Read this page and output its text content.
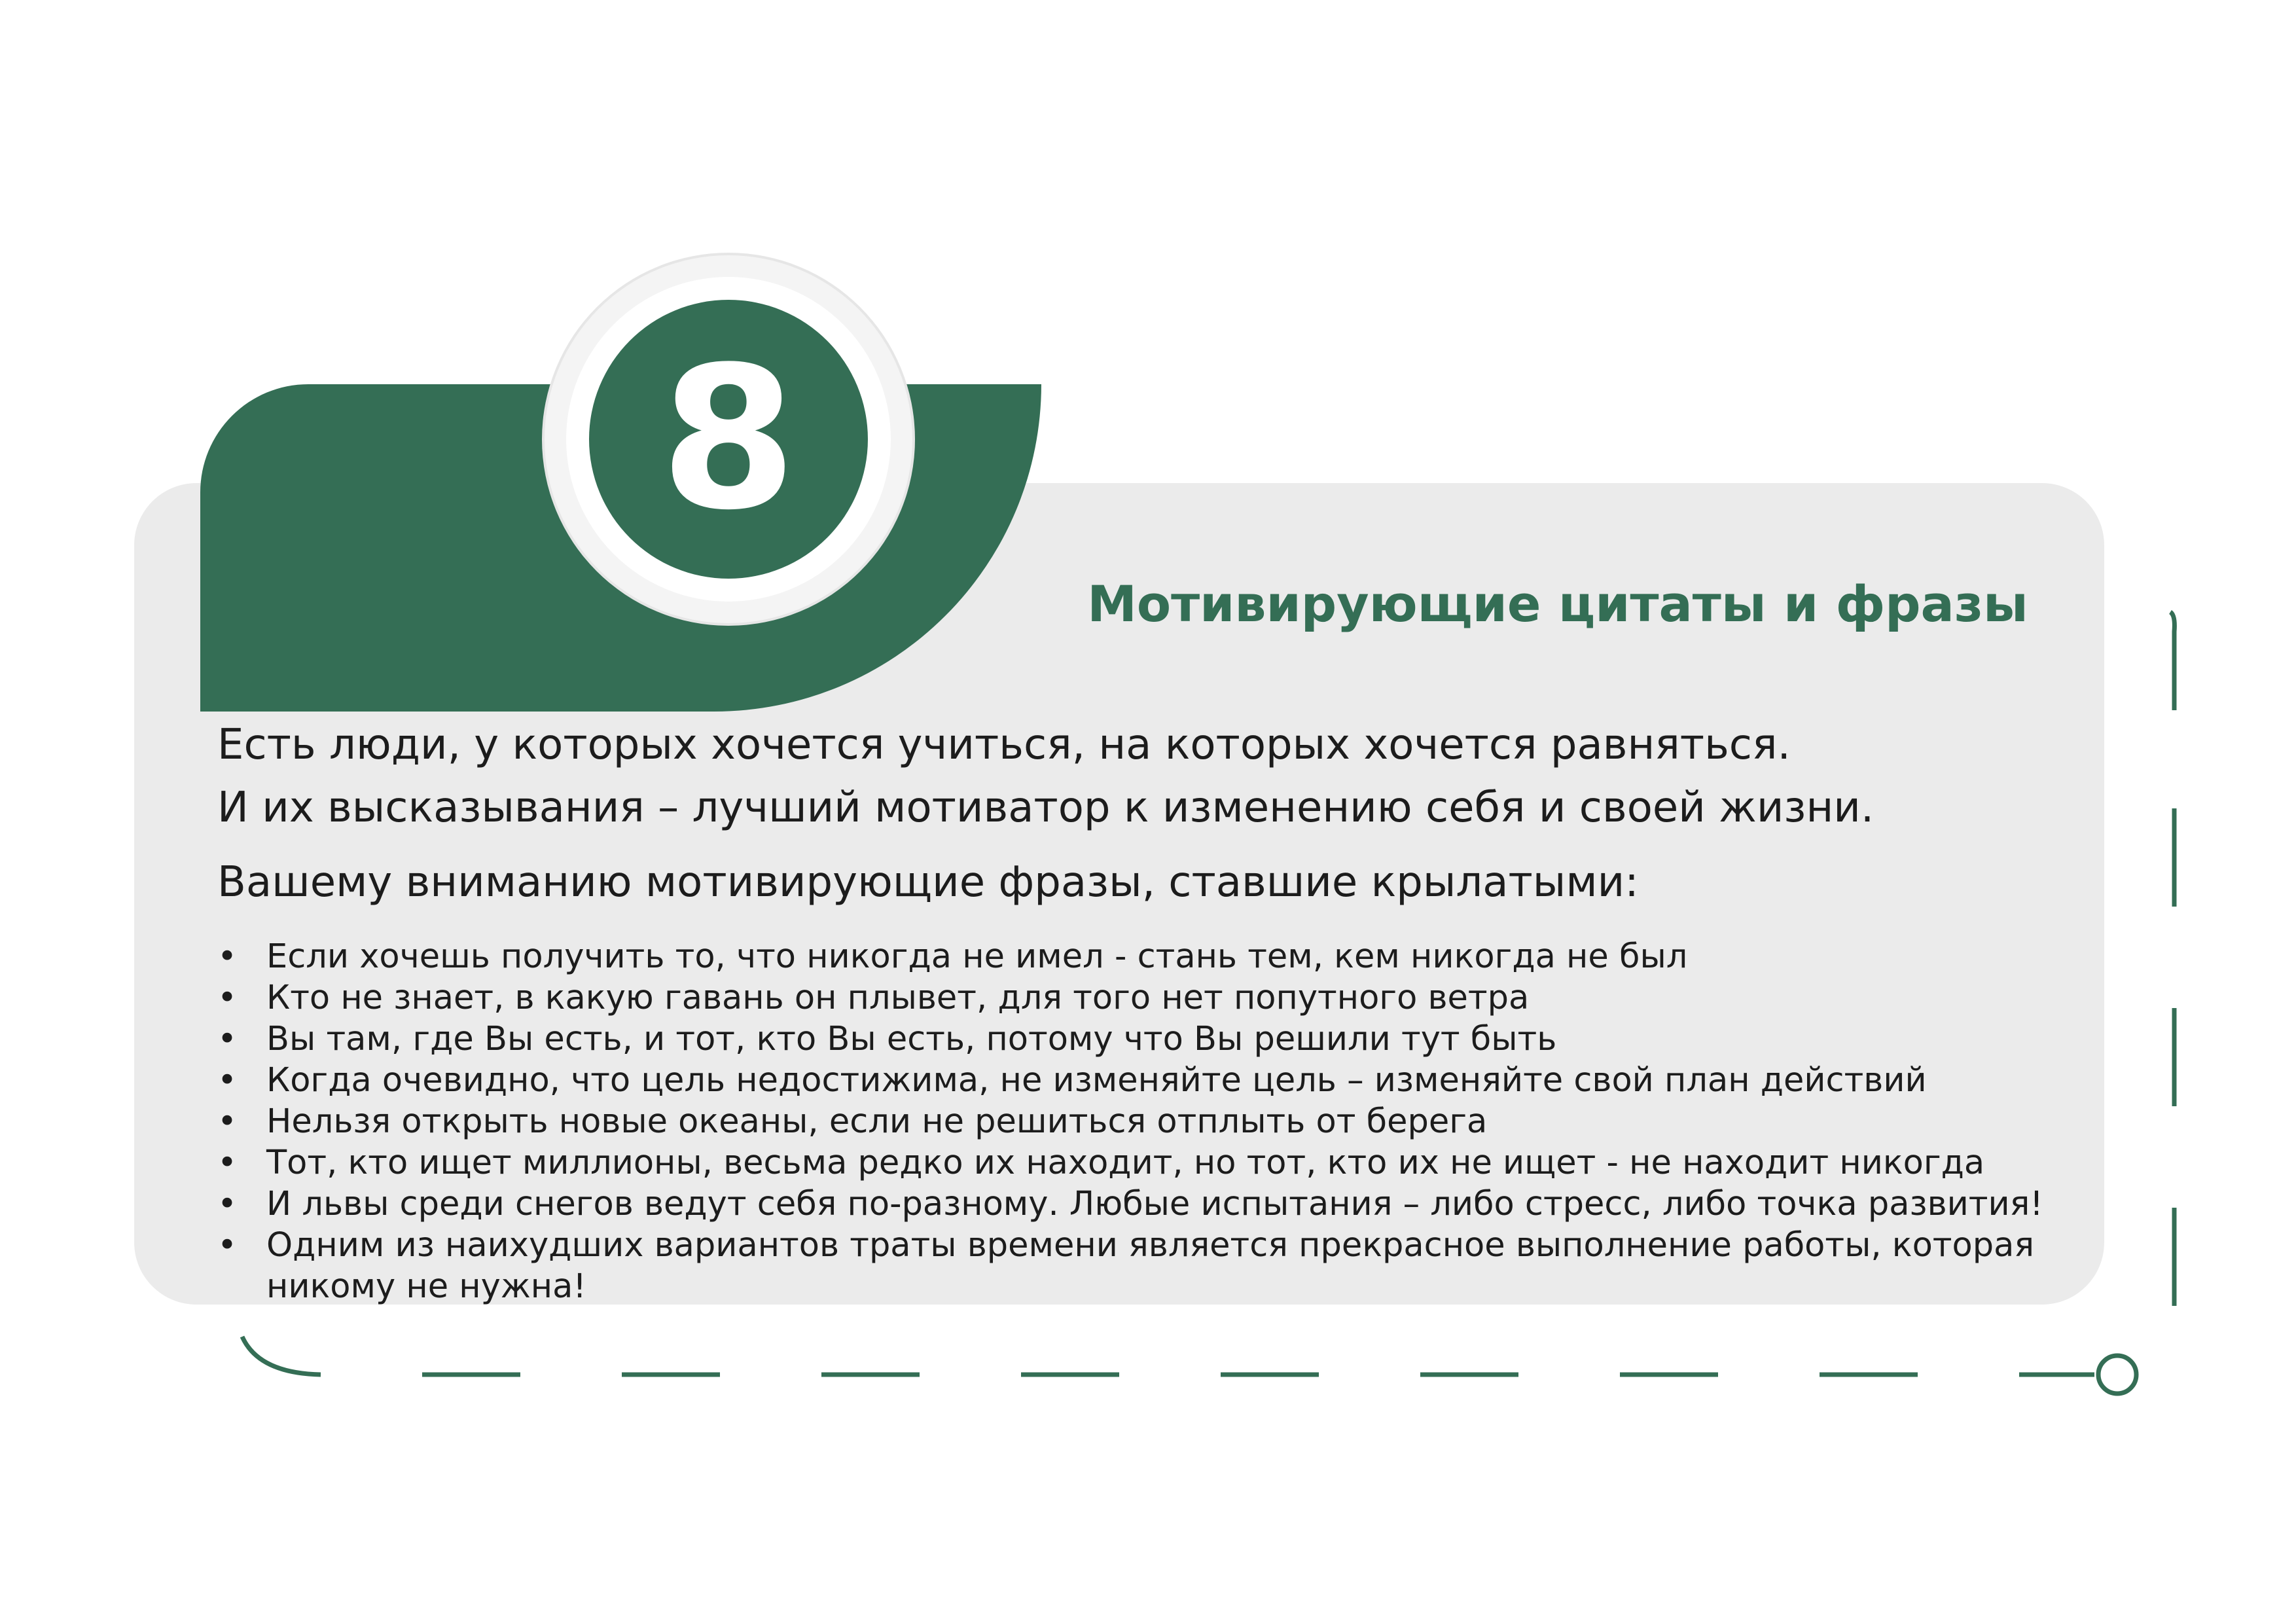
8
Мотивирующие цитаты и фразы

Есть люди, у которых хочется учиться, на которых хочется равняться.

И их высказывания – лучший мотиватор к изменению себя и своей жизни.

Вашему вниманию мотивирующие фразы, ставшие крылатыми:

• Если хочешь получить то, что никогда не имел - стань тем, кем никогда не был
• Кто не знает, в какую гавань он плывет, для того нет попутного ветра
• Вы там, где Вы есть, и тот, кто Вы есть, потому что Вы решили тут быть
• Когда очевидно, что цель недостижима, не изменяйте цель – изменяйте свой план действий
• Нельзя открыть новые океаны, если не решиться отплыть от берега
• Тот, кто ищет миллионы, весьма редко их находит, но тот, кто их не ищет - не находит никогда
• И львы среди снегов ведут себя по-разному. Любые испытания – либо стресс, либо точка развития!
• Одним из наихудших вариантов траты времени является прекрасное выполнение работы, которая никому не нужна!
